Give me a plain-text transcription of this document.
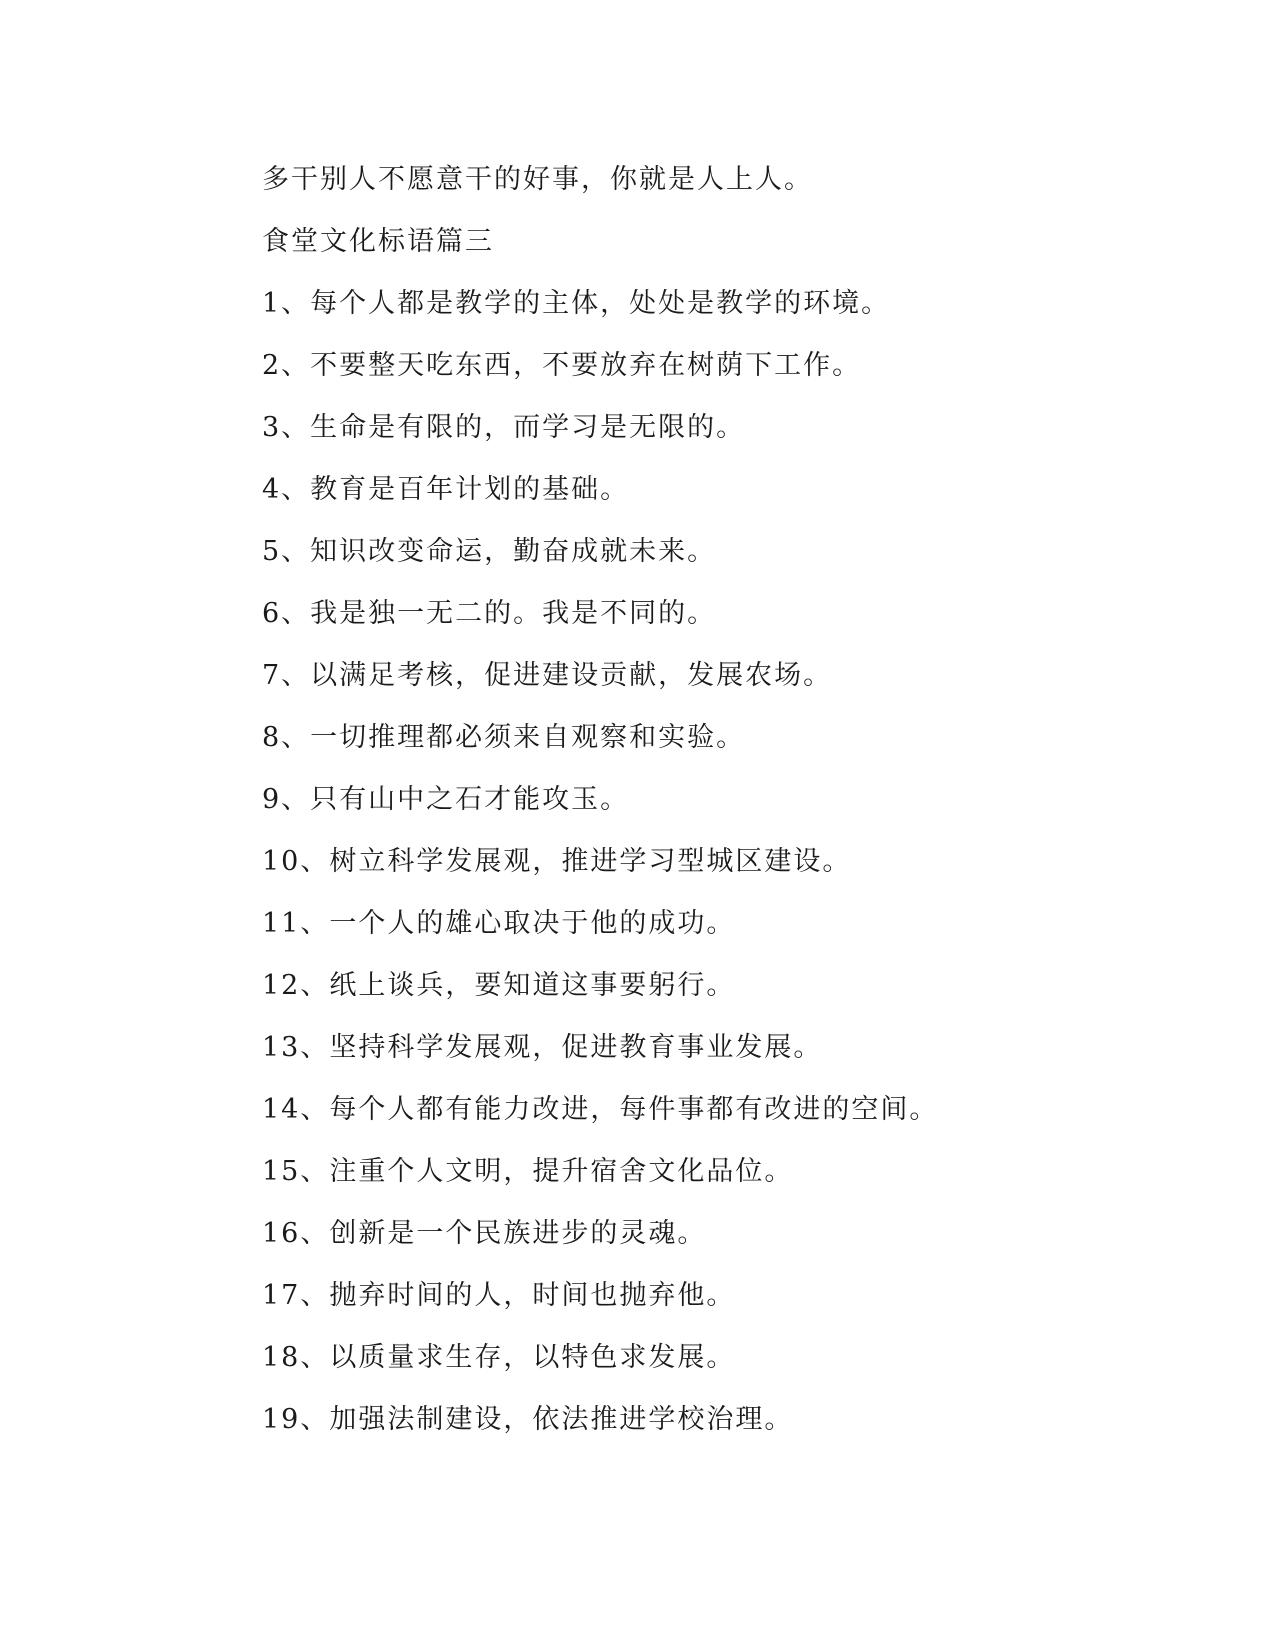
多干别人不愿意干的好事，你就是人上人。
食堂文化标语篇三
1、每个人都是教学的主体，处处是教学的环境。
2、不要整天吃东西，不要放弃在树荫下工作。
3、生命是有限的，而学习是无限的。
4、教育是百年计划的基础。
5、知识改变命运，勤奋成就未来。
6、我是独一无二的。我是不同的。
7、以满足考核，促进建设贡献，发展农场。
8、一切推理都必须来自观察和实验。
9、只有山中之石才能攻玉。
10、树立科学发展观，推进学习型城区建设。
11、一个人的雄心取决于他的成功。
12、纸上谈兵，要知道这事要躬行。
13、坚持科学发展观，促进教育事业发展。
14、每个人都有能力改进，每件事都有改进的空间。
15、注重个人文明，提升宿舍文化品位。
16、创新是一个民族进步的灵魂。
17、抛弃时间的人，时间也抛弃他。
18、以质量求生存，以特色求发展。
19、加强法制建设，依法推进学校治理。
